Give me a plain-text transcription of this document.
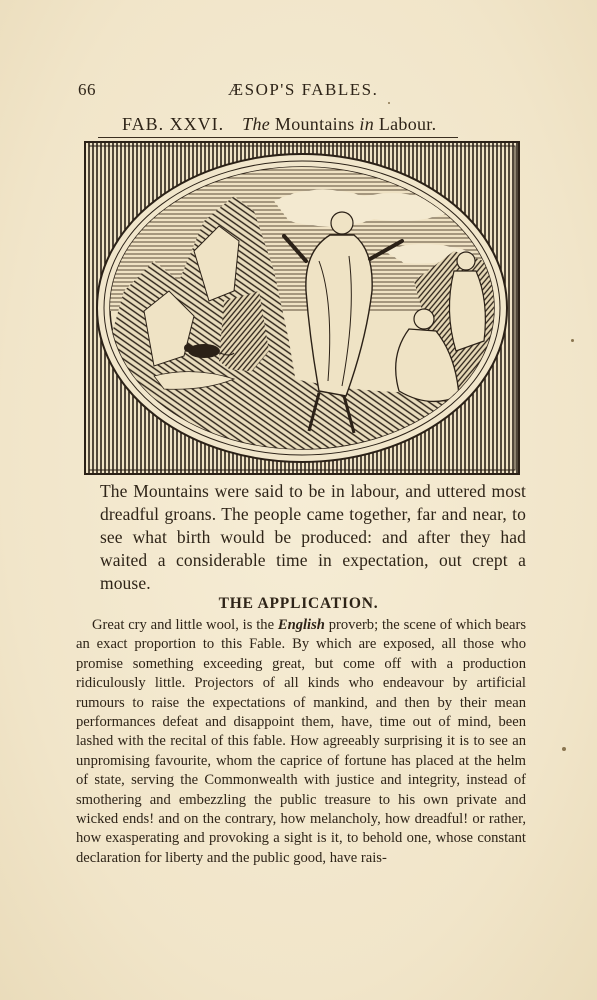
66	ÆSOP'S FABLES.
FAB. XXVI. The Mountains in Labour.

The Mountains were said to be in labour, and uttered most dreadful groans. The people came together, far and near, to see what birth would be produced: and after they had waited a considerable time in expectation, out crept a mouse.

THE APPLICATION.

Great cry and little wool, is the English proverb; the scene of which bears an exact proportion to this Fable. By which are exposed, all those who promise something exceeding great, but come off with a production ridiculously little. Projectors of all kinds who endeavour by artificial rumours to raise the expectations of mankind, and then by their mean performances defeat and disappoint them, have, time out of mind, been lashed with the recital of this fable. How agreeably surprising it is to see an unpromising favourite, whom the caprice of fortune has placed at the helm of state, serving the Commonwealth with justice and integrity, instead of smothering and embezzling the public treasure to his own private and wicked ends! and on the contrary, how melancholy, how dreadful! or rather, how exasperating and provoking a sight is it, to behold one, whose constant declaration for liberty and the public good, have rais-
